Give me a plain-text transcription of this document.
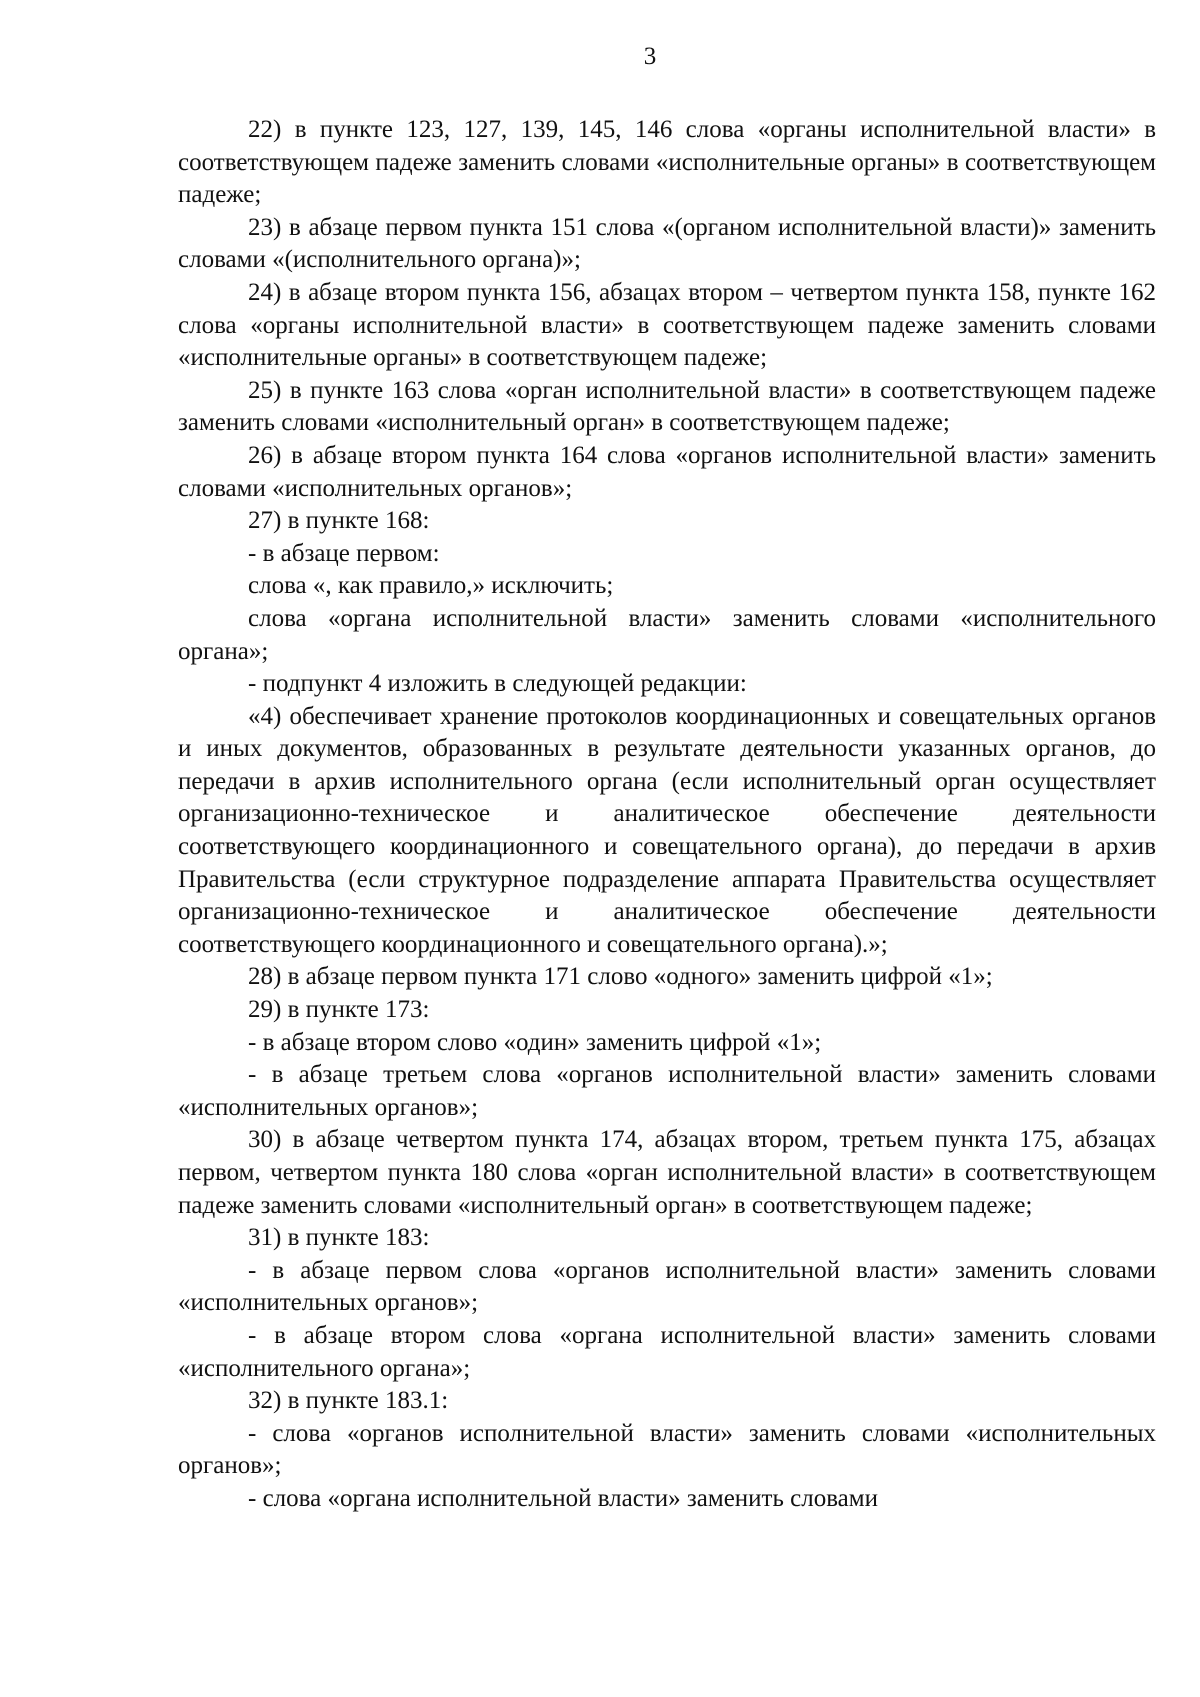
3

22) в пункте 123, 127, 139, 145, 146 слова «органы исполнительной власти» в соответствующем падеже заменить словами «исполнительные органы» в соответствующем падеже;

23) в абзаце первом пункта 151 слова «(органом исполнительной власти)» заменить словами «(исполнительного органа)»;

24) в абзаце втором пункта 156, абзацах втором – четвертом пункта 158, пункте 162 слова «органы исполнительной власти» в соответствующем падеже заменить словами «исполнительные органы» в соответствующем падеже;

25) в пункте 163 слова «орган исполнительной власти» в соответствующем падеже заменить словами «исполнительный орган» в соответствующем падеже;

26) в абзаце втором пункта 164 слова «органов исполнительной власти» заменить словами «исполнительных органов»;

27) в пункте 168:

- в абзаце первом:

слова «, как правило,» исключить;

слова «органа исполнительной власти» заменить словами «исполнительного органа»;

- подпункт 4 изложить в следующей редакции:

«4) обеспечивает хранение протоколов координационных и совещательных органов и иных документов, образованных в результате деятельности указанных органов, до передачи в архив исполнительного органа (если исполнительный орган осуществляет организационно-техническое и аналитическое обеспечение деятельности соответствующего координационного и совещательного органа), до передачи в архив Правительства (если структурное подразделение аппарата Правительства осуществляет организационно-техническое и аналитическое обеспечение деятельности соответствующего координационного и совещательного органа).»;

28) в абзаце первом пункта 171 слово «одного» заменить цифрой «1»;

29) в пункте 173:

- в абзаце втором слово «один» заменить цифрой «1»;

- в абзаце третьем слова «органов исполнительной власти» заменить словами «исполнительных органов»;

30) в абзаце четвертом пункта 174, абзацах втором, третьем пункта 175, абзацах первом, четвертом пункта 180 слова «орган исполнительной власти» в соответствующем падеже заменить словами «исполнительный орган» в соответствующем падеже;

31) в пункте 183:

- в абзаце первом слова «органов исполнительной власти» заменить словами «исполнительных органов»;

- в абзаце втором слова «органа исполнительной власти» заменить словами «исполнительного органа»;

32) в пункте 183.1:

- слова «органов исполнительной власти» заменить словами «исполнительных органов»;

- слова «органа исполнительной власти» заменить словами
